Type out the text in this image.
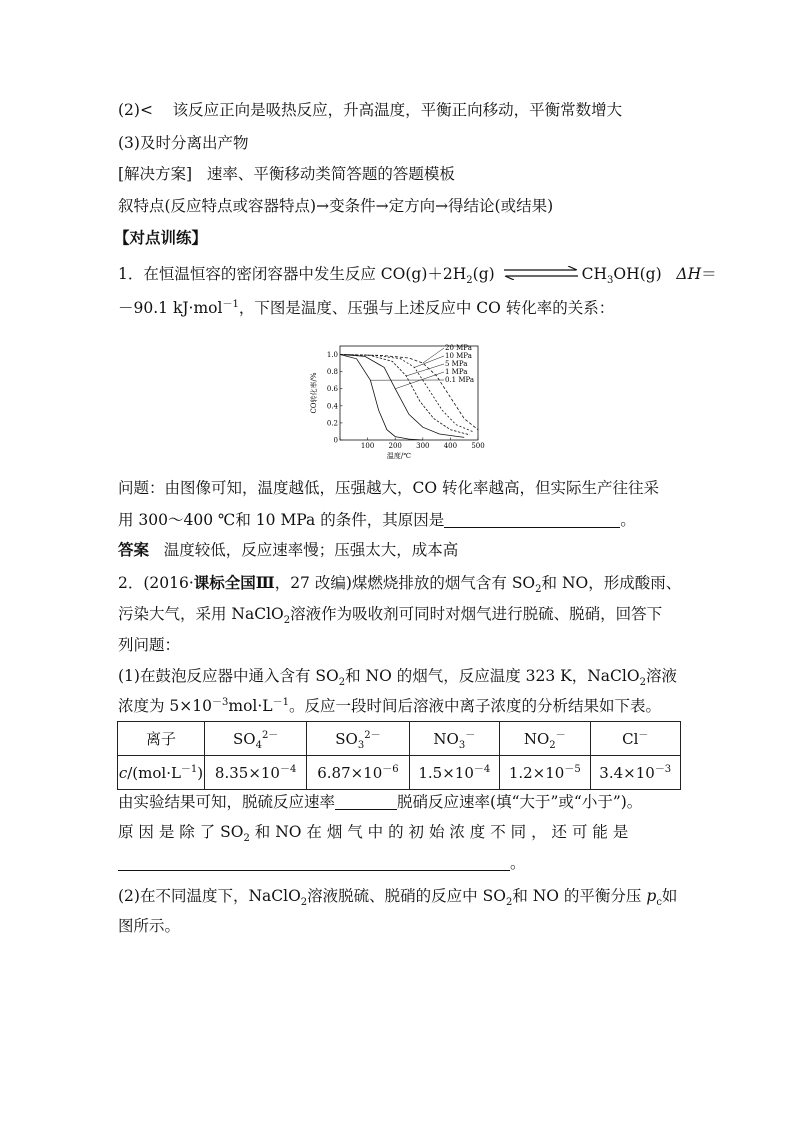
(2)< 该反应正向是吸热反应，升高温度，平衡正向移动，平衡常数增大
(3)及时分离出产物
[解决方案] 速率、平衡移动类简答题的答题模板
叙特点(反应特点或容器特点)→变条件→定方向→得结论(或结果)
【对点训练】
1．在恒温恒容的密闭容器中发生反应 $CO(g)+2H_2(g)$	$CH_3OH(g)$ ΔH＝
－90.1 kJ·mol$^{-1}$，下图是温度、压强与上述反应中 CO 转化率的关系：
100 200 300 400 500
0
0.2
0.4
0.6
0.8
1.0
温度/℃
CO转化率/%
20 MPa
10 MPa
5 MPa
1 MPa
0.1 MPa
问题：由图像可知，温度越低，压强越大，CO 转化率越高，但实际生产往往采
用 300～400 ℃和 10 MPa 的条件，其原因是	。
答案 温度较低，反应速率慢；压强太大，成本高
2．(2016·课标全国Ⅲ，27 改编)煤燃烧排放的烟气含有 $SO_2$和 NO，形成酸雨、
污染大气，采用 NaClO$_2$溶液作为吸收剂可同时对烟气进行脱硫、脱硝，回答下
列问题：
(1)在鼓泡反应器中通入含有 $SO_2$和 NO 的烟气，反应温度 323 K，NaClO$_2$溶液
浓度为 $5\times 10^{-3}mol\cdot L^{-1}$。反应一段时间后溶液中离子浓度的分析结果如下表。
离子	$SO_4^{2-}$	$SO_3^{2-}$	$NO_3^-$	$NO_2^-$	Cl－
$c/(mol\cdot L^{-1})$	$8.35\times 10^{-4}$	$6.87\times 10^{-6}$	$1.5\times 10^{-4}$	$1.2\times 10^{-5}$	$3.4\times 10^{-3}$
由实验结果可知，脱硫反应速率	脱硝反应速率(填“大于”或“小于”)。
原 因 是 除 了 $SO_2$ 和 NO 在 烟 气 中 的 初 始 浓 度 不 同 ， 还 可 能 是
。
(2)在不同温度下，NaClO$_2$溶液脱硫、脱硝的反应中 $SO_2$和 NO 的平衡分压 $p_c$如
图所示。
